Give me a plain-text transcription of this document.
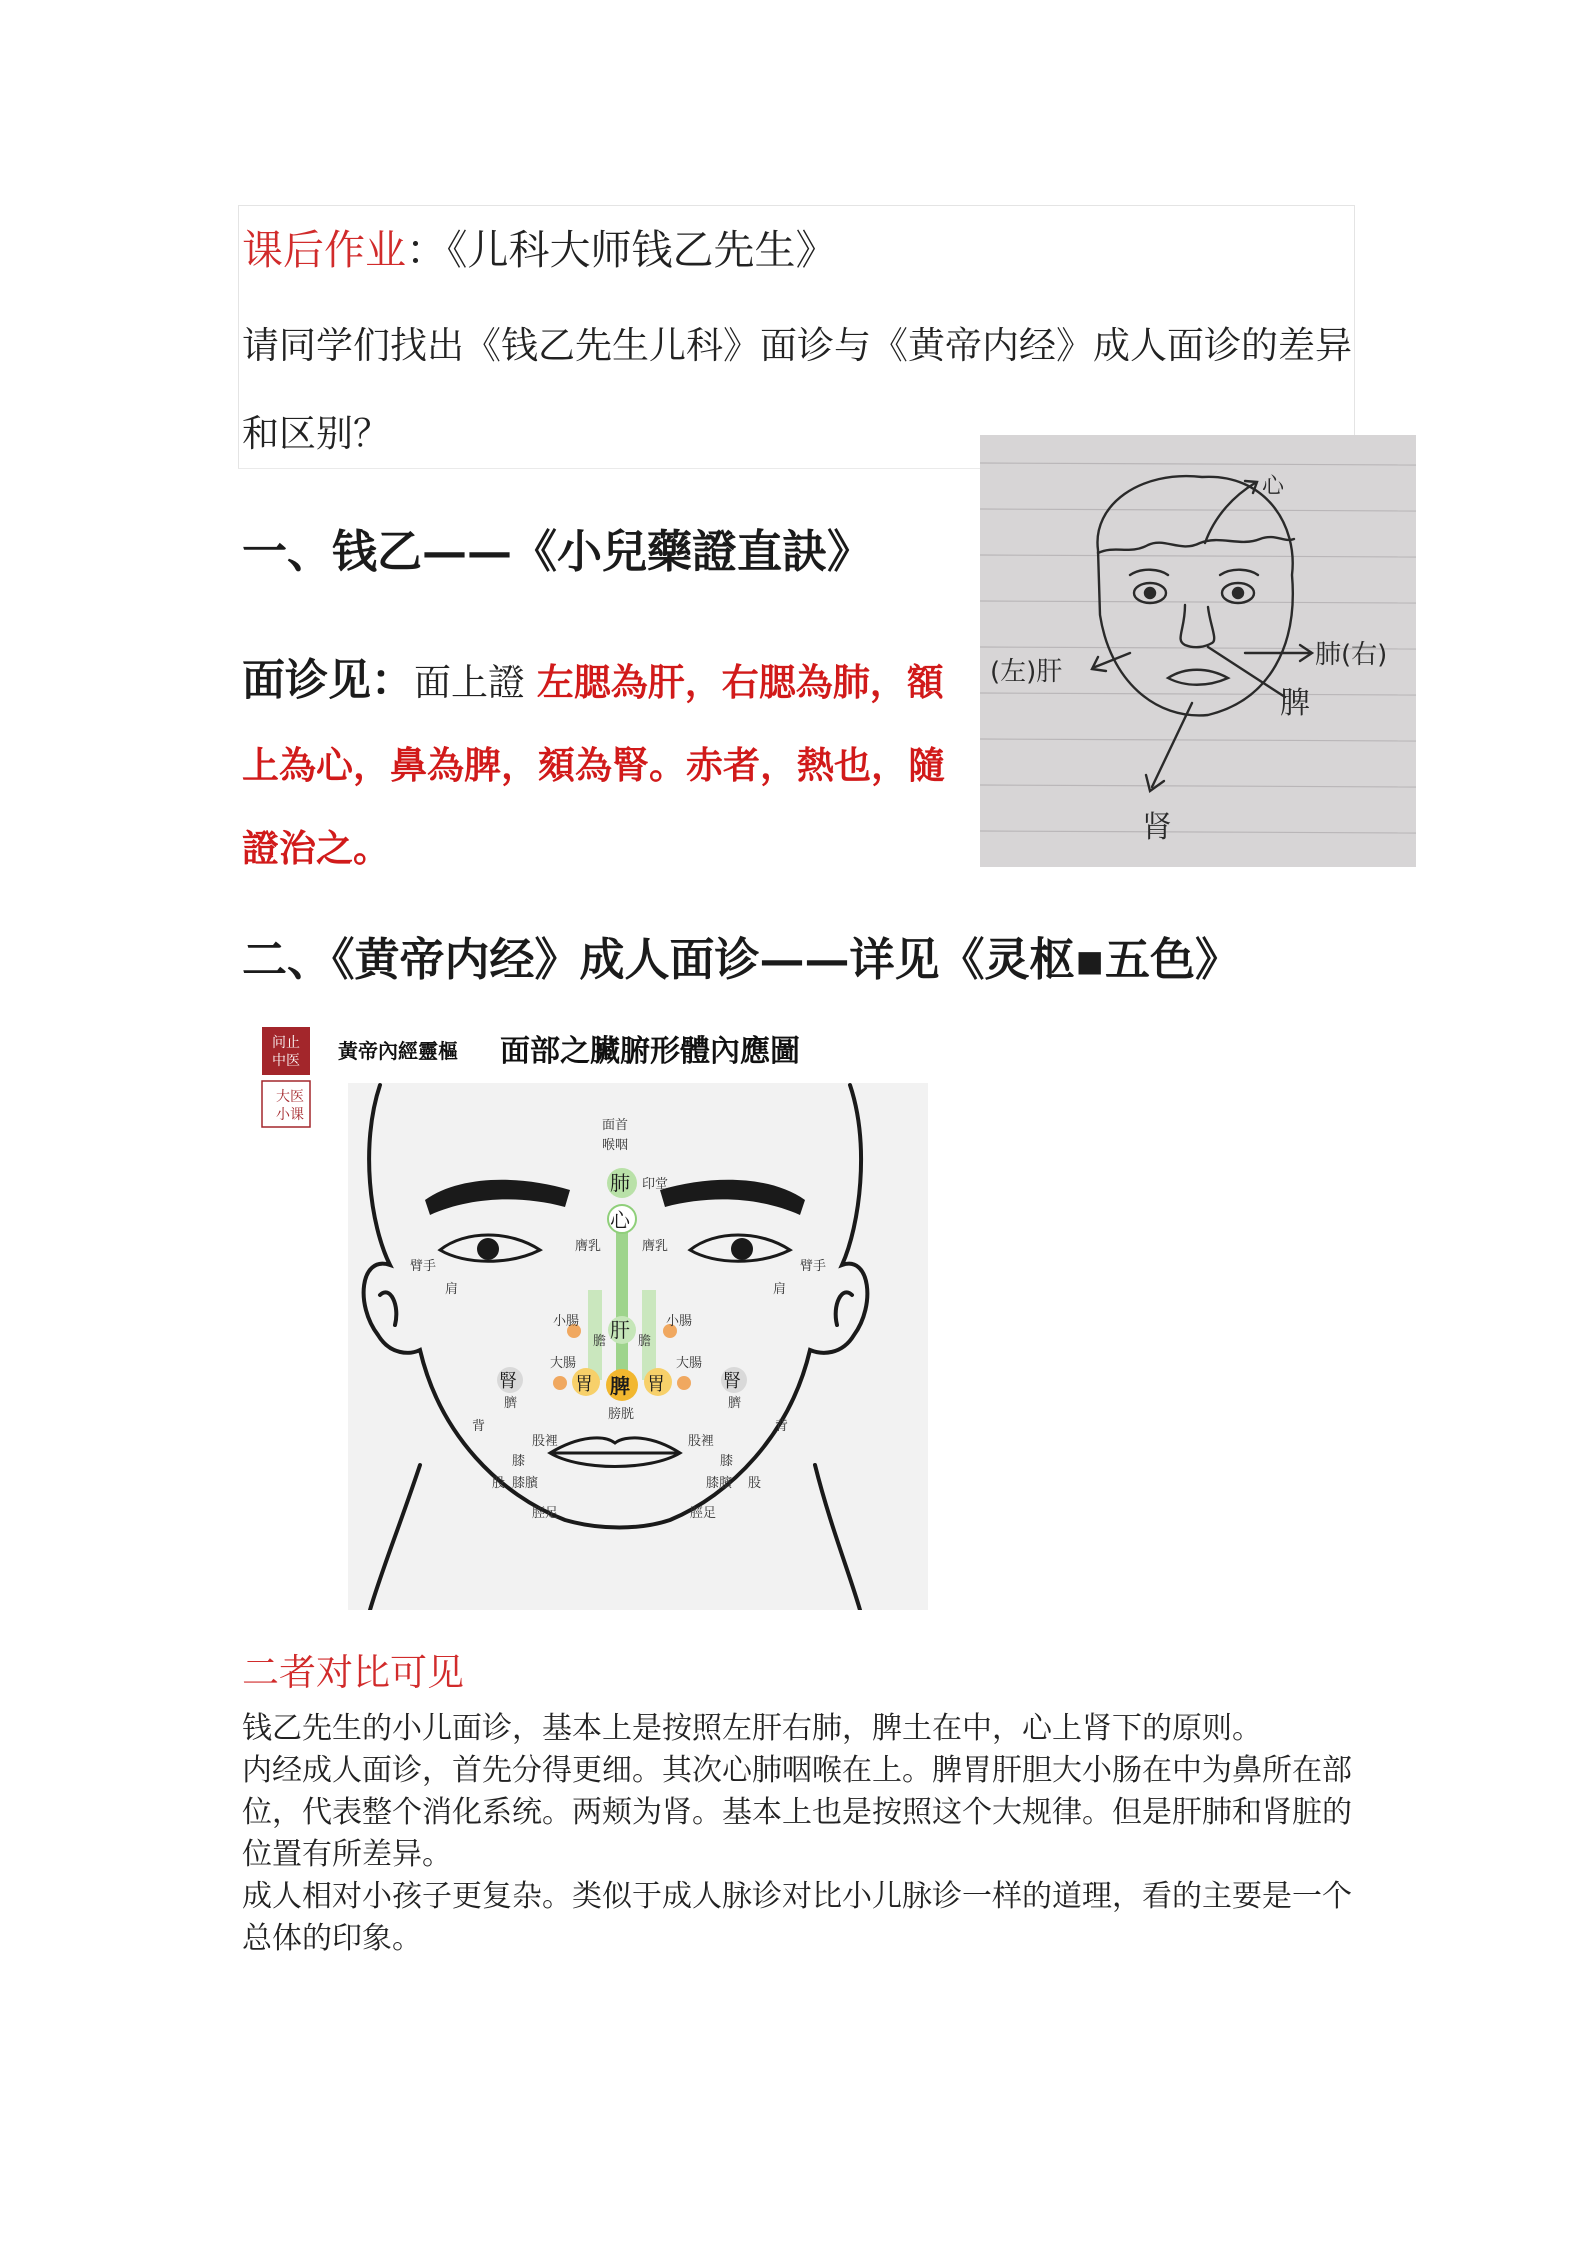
课后作业：《儿科大师钱乙先生》
请同学们找出《钱乙先生儿科》面诊与《黄帝内经》成人面诊的差异
和区别？
一、钱乙——《小兒藥證直訣》
面诊见：面上證 左腮為肝，右腮為肺，額上為心，鼻為脾，頦為腎。赤者，熱也，隨證治之。
心
肺(右)
(左)肝
脾
肾
二、《黄帝内经》成人面诊——详见《灵枢▪五色》
问止
中医
大医
小课
黃帝內經靈樞 面部之臟腑形體內應圖
肺
心
肝
脾
胃	胃
腎	腎
面首
喉咽
印堂
膺乳	膺乳
臂手	臂手
肩	肩
小腸	小腸
膽 膽
大腸	大腸
臍	臍
背	背
膀胱
股裡	股裡
膝	膝
膝臏	膝臏
股	股
脛足	脛足
二者对比可见
钱乙先生的小儿面诊，基本上是按照左肝右肺，脾土在中，心上肾下的原则。
内经成人面诊，首先分得更细。其次心肺咽喉在上。脾胃肝胆大小肠在中为鼻所在部位，代表整个消化系统。两颊为肾。基本上也是按照这个大规律。但是肝肺和肾脏的位置有所差异。
成人相对小孩子更复杂。类似于成人脉诊对比小儿脉诊一样的道理，看的主要是一个总体的印象。
